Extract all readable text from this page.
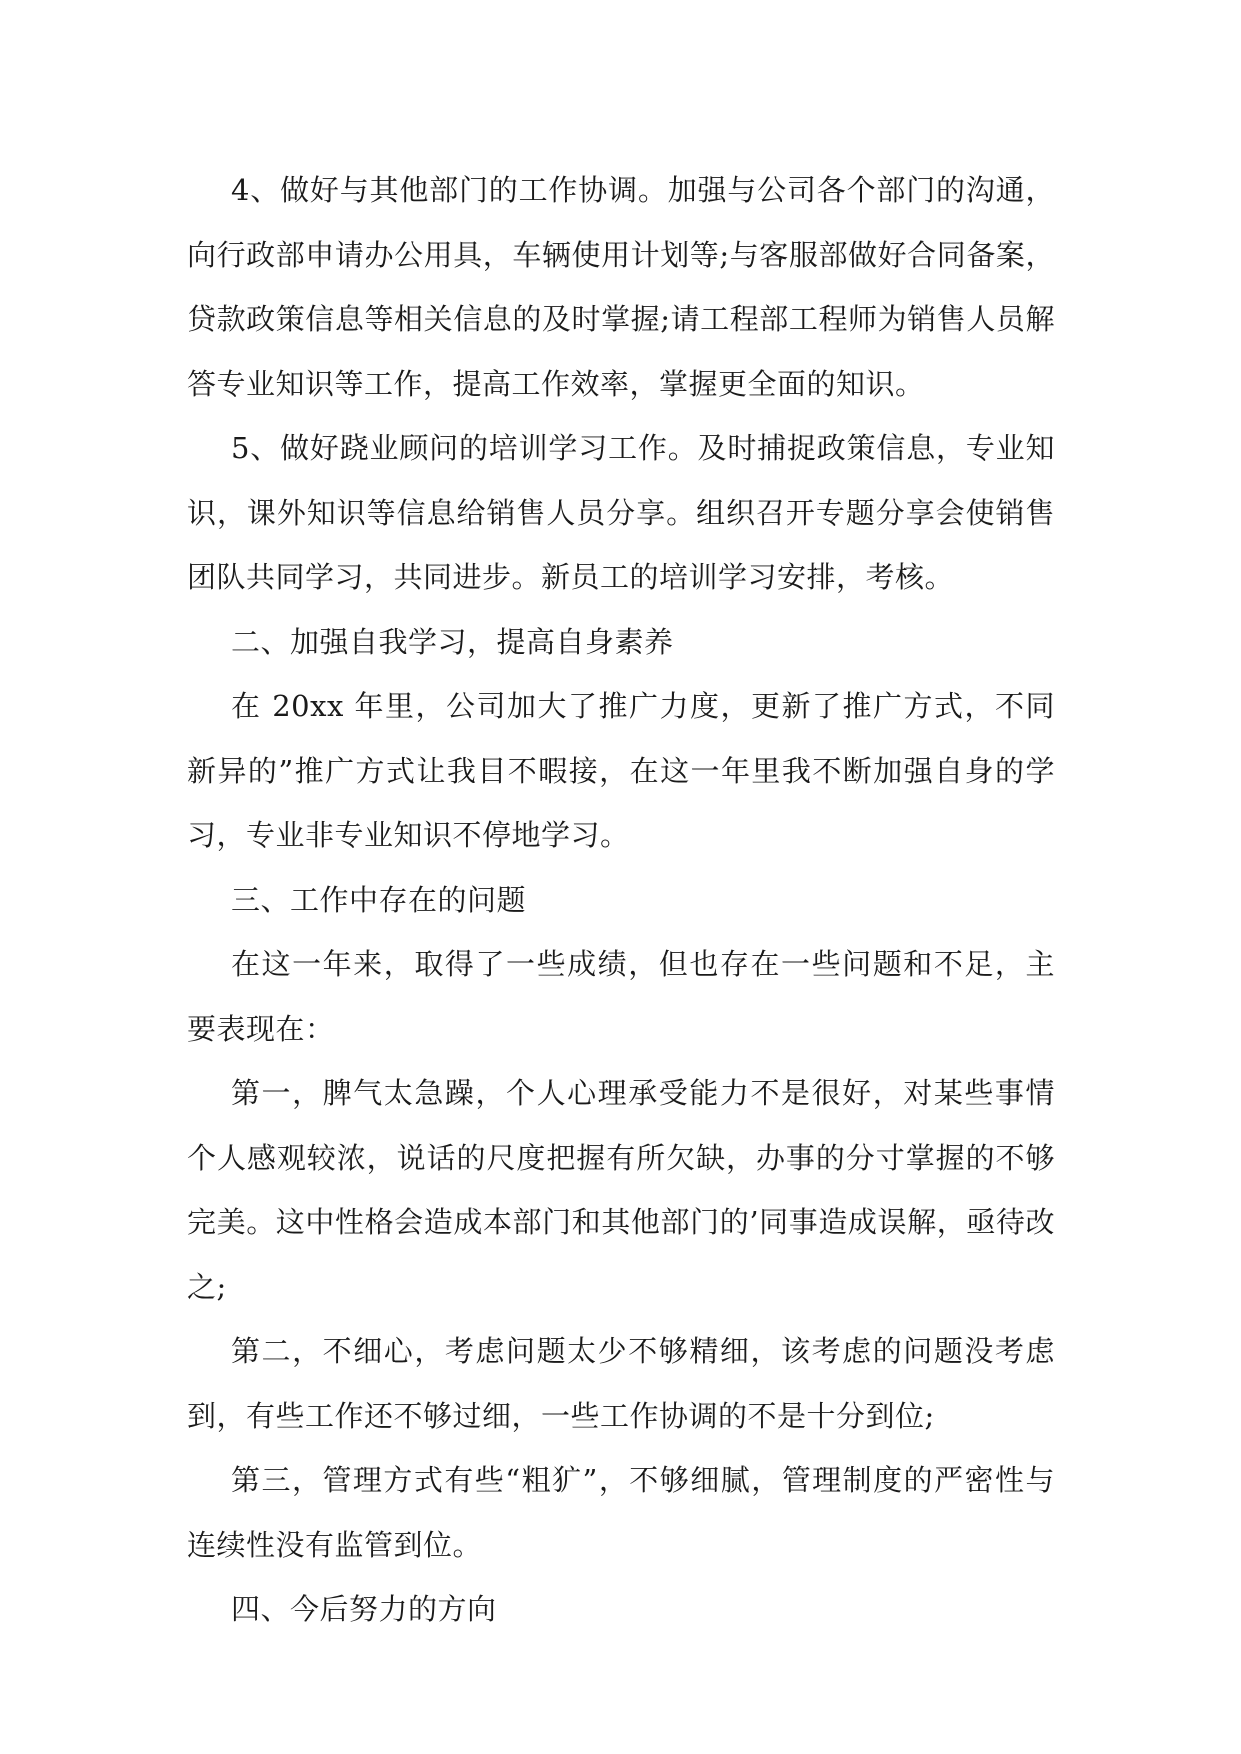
4、做好与其他部门的工作协调。加强与公司各个部门的沟通，向行政部申请办公用具，车辆使用计划等;与客服部做好合同备案，贷款政策信息等相关信息的及时掌握;请工程部工程师为销售人员解答专业知识等工作，提高工作效率，掌握更全面的知识。

5、做好跷业顾问的培训学习工作。及时捕捉政策信息，专业知识，课外知识等信息给销售人员分享。组织召开专题分享会使销售团队共同学习，共同进步。新员工的培训学习安排，考核。

二、加强自我学习，提高自身素养

在 20xx 年里，公司加大了推广力度，更新了推广方式，不同新异的”推广方式让我目不暇接，在这一年里我不断加强自身的学习，专业非专业知识不停地学习。

三、工作中存在的问题

在这一年来，取得了一些成绩，但也存在一些问题和不足，主要表现在：

第一，脾气太急躁，个人心理承受能力不是很好，对某些事情个人感观较浓，说话的尺度把握有所欠缺，办事的分寸掌握的不够完美。这中性格会造成本部门和其他部门的’同事造成误解，亟待改之;

第二，不细心，考虑问题太少不够精细，该考虑的问题没考虑到，有些工作还不够过细，一些工作协调的不是十分到位;

第三，管理方式有些“粗犷”，不够细腻，管理制度的严密性与连续性没有监管到位。

四、今后努力的方向
